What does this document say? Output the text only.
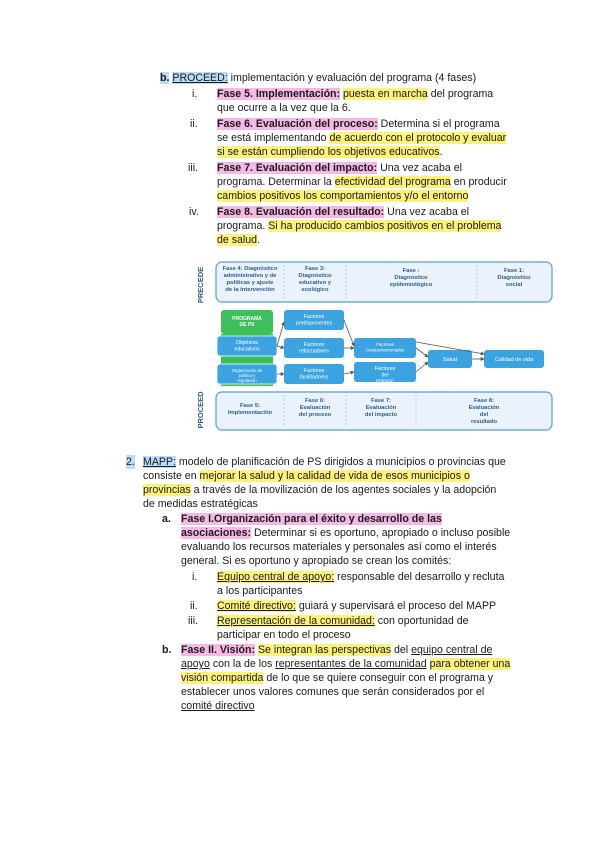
b. PROCEED: implementación y evaluación del programa (4 fases)
i. Fase 5. Implementación: puesta en marcha del programa
que ocurre a la vez que la 6.
ii. Fase 6. Evaluación del proceso: Determina si el programa
se está implementando de acuerdo con el protocolo y evaluar
si se están cumpliendo los objetivos educativos.
iii. Fase 7. Evaluación del impacto: Una vez acaba el
programa. Determinar la efectividad del programa en producir
cambios positivos los comportamientos y/o el entorno
iv. Fase 8. Evaluación del resultado: Una vez acaba el
programa. Si ha producido cambios positivos en el problema
de salud.
PRECEDE
PROCEED
Fase 4: Diagnóstico administrativo y de políticas y ajuste de la intervención
Fase 3: Diagnóstico educativo y ecológico
Fase : Diagnóstico epidemiológico
Fase 1: Diagnóstico social
PROGRAMA DE PS
Objetivos educativos
Organización de política y regulación
Factores predisponentes
Factores reforzadores
Factores facilitadores
Factores Comportamentales
Factores del entorno
Salud	Calidad de vida
Fase 5: Implementación
Fase 6: Evaluación del proceso
Fase 7: Evaluación del impacto
Fase 8: Evaluación del resultado
2. MAPP: modelo de planificación de PS dirigidos a municipios o provincias que
consiste en mejorar la salud y la calidad de vida de esos municipios o
provincias a través de la movilización de los agentes sociales y la adopción
de medidas estratégicas
a. Fase I.Organización para el éxito y desarrollo de las
asociaciones: Determinar si es oportuno, apropiado o incluso posible
evaluando los recursos materiales y personales así como el interés
general. Si es oportuno y apropiado se crean los comités:
i. Equipo central de apoyo: responsable del desarrollo y recluta
a los participantes
ii. Comité directivo: guiará y supervisará el proceso del MAPP
iii. Representación de la comunidad: con oportunidad de
participar en todo el proceso
b. Fase II. Visión: Se integran las perspectivas del equipo central de
apoyo con la de los representantes de la comunidad para obtener una
visión compartida de lo que se quiere conseguir con el programa y
establecer unos valores comunes que serán considerados por el
comité directivo
